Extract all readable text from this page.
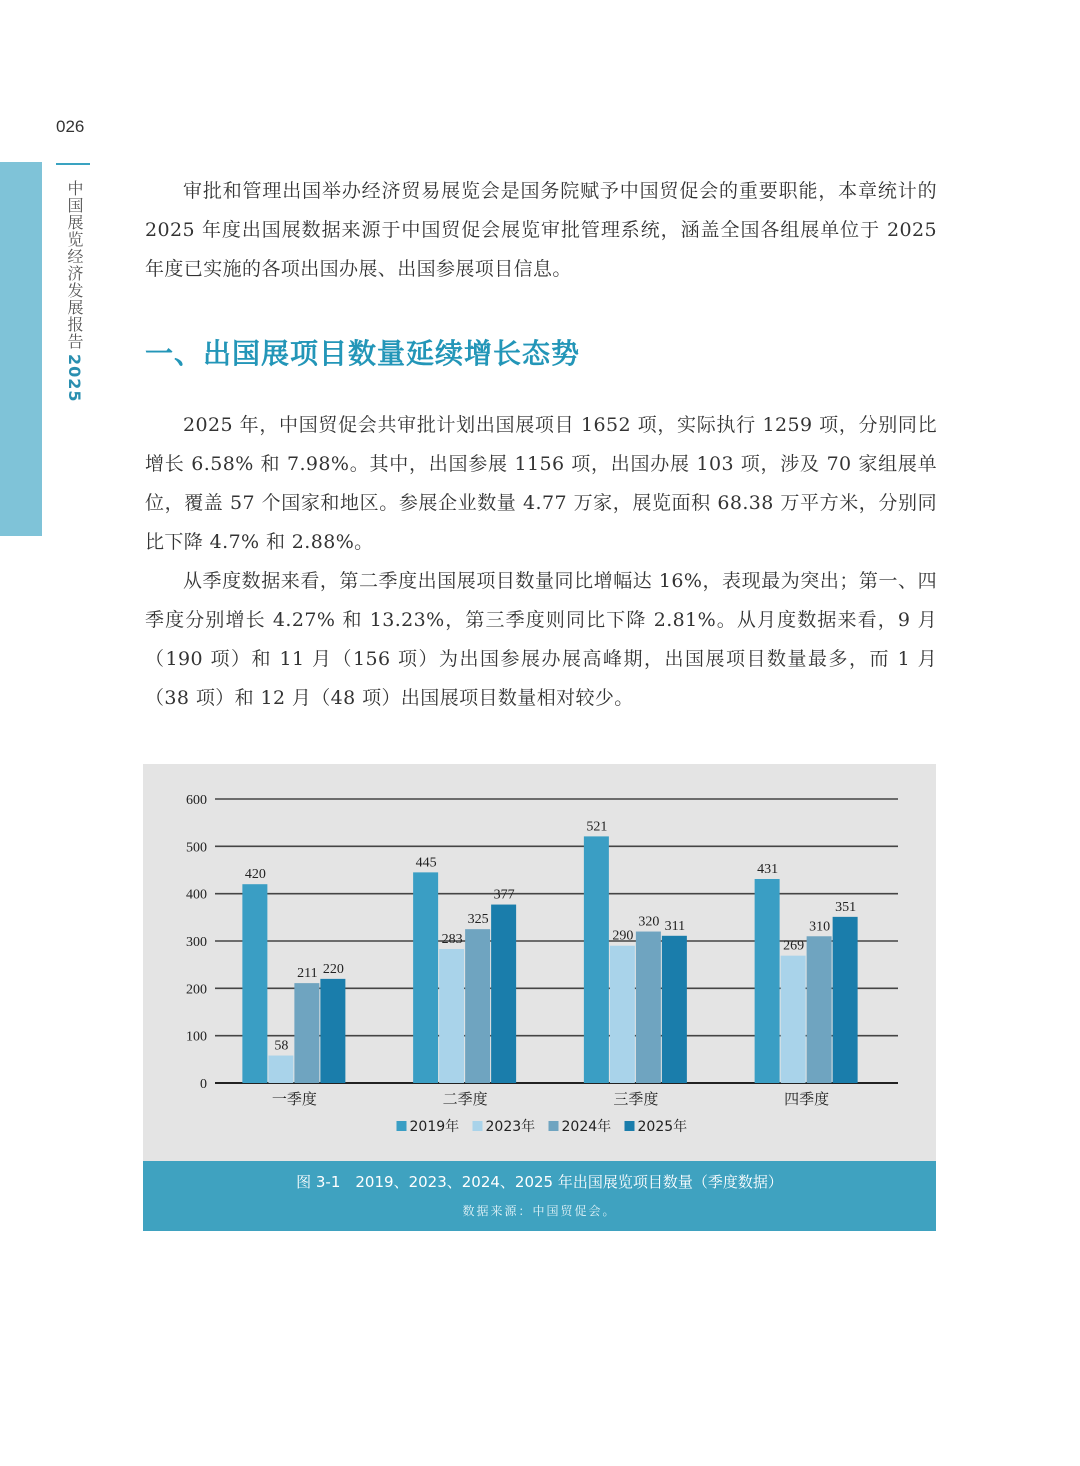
026
中国展览经济发展报告2025

审批和管理出国举办经济贸易展览会是国务院赋予中国贸促会的重要职能，本章统计的 2025 年度出国展数据来源于中国贸促会展览审批管理系统，涵盖全国各组展单位于 2025 年度已实施的各项出国办展、出国参展项目信息。

一、出国展项目数量延续增长态势

2025 年，中国贸促会共审批计划出国展项目 1652 项，实际执行 1259 项，分别同比增长 6.58% 和 7.98%。其中，出国参展 1156 项，出国办展 103 项，涉及 70 家组展单位，覆盖 57 个国家和地区。参展企业数量 4.77 万家，展览面积 68.38 万平方米，分别同比下降 4.7% 和 2.88%。

从季度数据来看，第二季度出国展项目数量同比增幅达 16%，表现最为突出；第一、四季度分别增长 4.27% 和 13.23%，第三季度则同比下降 2.81%。从月度数据来看，9 月（190 项）和 11 月（156 项）为出国参展办展高峰期，出国展项目数量最多，而 1 月（38 项）和 12 月（48 项）出国展项目数量相对较少。

0
100
200
300
400
500
600
420
58
211 220
一季度
445
283
325
377
二季度
521
290
320 311
三季度
431
269
310
351
四季度
2019年 2023年 2024年 2025年
图 3-1　2019、2023、2024、2025 年出国展览项目数量（季度数据）
数据来源：中国贸促会。
